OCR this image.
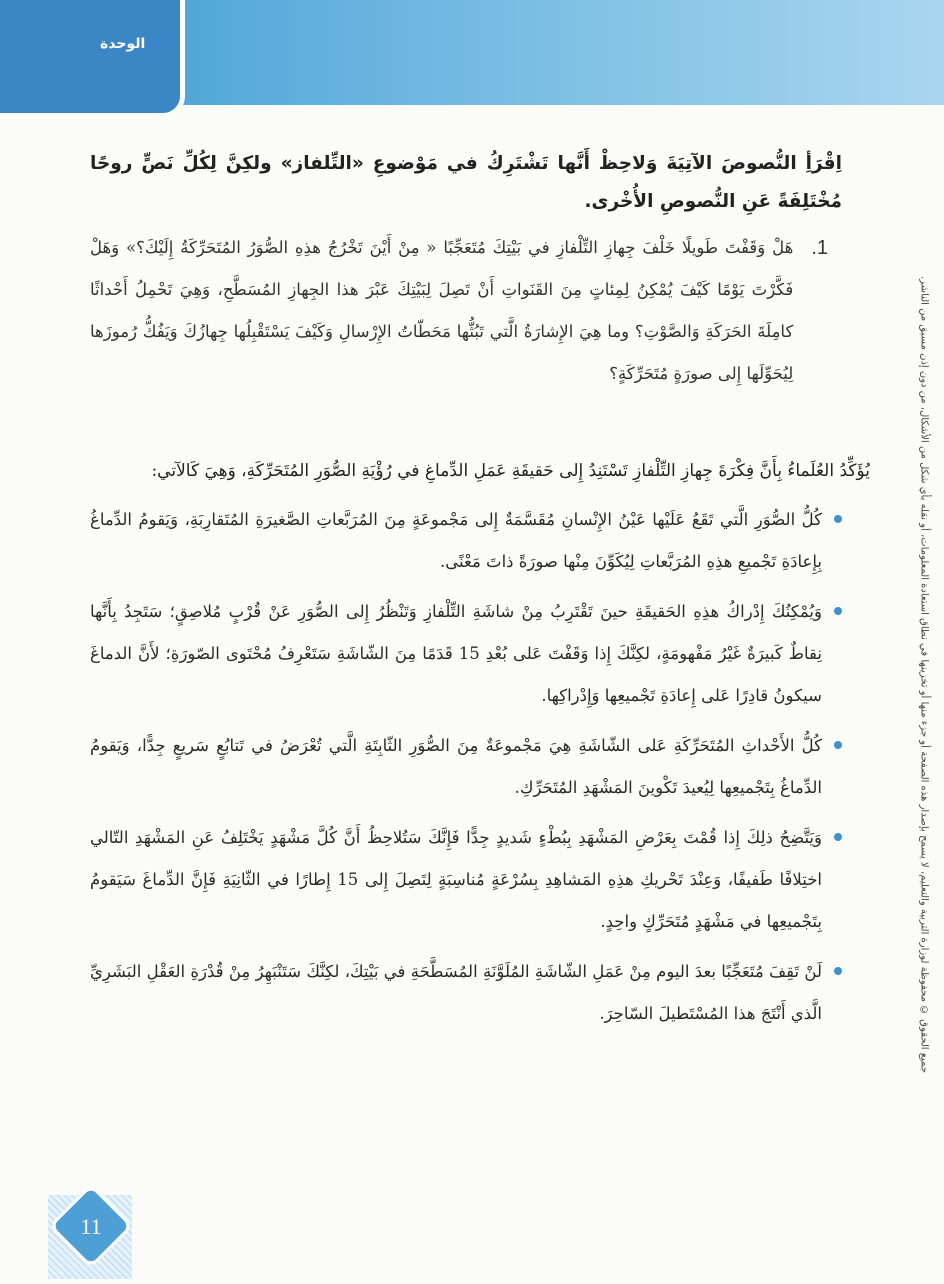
الوحدة
جميع الحقوق © محفوظة لوزارة التربية والتعليم، لا يسمح بإصدار هذه الصفحة أو جزء منها أو تخزينها في نطاق استعادة المعلومات، أو نقله بأي شكل من الأشكال، من دون إذن مسبق من الناشر.

اِقْرَأِ النُّصوصَ الآتِيَةَ وَلاحِظْ أَنَّها تَشْتَرِكُ في مَوْضوعِ «التِّلفاز» ولكِنَّ لِكُلِّ نَصٍّ روحًا مُخْتَلِفَةً عَنِ النُّصوصِ الأُخْرى.

1.

هَلْ وَقَفْتَ طَويلًا خَلْفَ جِهازِ التِّلْفازِ في بَيْتِكَ مُتَعَجِّبًا « مِنْ أَيْنَ تَخْرُجُ هذِهِ الصُّوَرُ المُتَحَرِّكَةُ إِلَيْكَ؟» وَهَلْ فَكَّرْتَ يَوْمًا كَيْفَ يُمْكِنُ لِمِئاتٍ مِنَ القَنَواتِ أَنْ تَصِلَ لِبَيْتِكَ عَبْرَ هذا الجِهازِ المُسَطَّحِ، وَهِيَ تَحْمِلُ أَحْداثًا كامِلَةَ الحَرَكَةِ وَالصَّوْتِ؟ وما هِيَ الإِشارَةُ الَّتي تَبُثُّها مَحَطّاتُ الإِرْسالِ وَكَيْفَ يَسْتَقْبِلُها جِهازُكَ وَيَفُكُّ رُموزَها لِيُحَوِّلَها إِلى صورَةٍ مُتَحَرِّكَةٍ؟

يُؤَكِّدُ العُلَماءُ بِأَنَّ فِكْرَةَ جِهازِ التِّلْفازِ تَسْتَنِدُ إِلى حَقيقَةِ عَمَلِ الدِّماغِ في رُؤْيَةِ الصُّوَرِ المُتَحَرِّكَةِ، وَهِيَ كَالآتي:

كُلُّ الصُّوَرِ الَّتي تَقَعُ عَلَيْها عَيْنُ الإِنْسانِ مُقَسَّمَةٌ إِلى مَجْموعَةٍ مِنَ المُرَبَّعاتِ الصَّغيرَةِ المُتَقارِبَةِ، وَيَقومُ الدِّماغُ بِإِعادَةِ تَجْميعِ هذِهِ المُرَبَّعاتِ لِيُكَوِّنَ مِنْها صورَةً ذاتَ مَعْنًى.
وَيُمْكِنُكَ إِدْراكُ هذِهِ الحَقيقَةِ حينَ تَقْتَرِبُ مِنْ شاشَةِ التِّلْفازِ وَتَنْظُرُ إِلى الصُّوَرِ عَنْ قُرْبٍ مُلاصِقٍ؛ سَتَجِدُ بِأَنَّها نِقاطٌ كَبيرَةٌ غَيْرُ مَفْهومَةٍ، لكِنَّكَ إِذا وَقَفْتَ عَلى بُعْدِ 15 قَدَمًا مِنَ الشّاشَةِ سَتَعْرِفُ مُحْتَوى الصّورَةِ؛ لأَنَّ الدماغَ سيكونُ قادِرًا عَلى إِعادَةِ تَجْميعِها وَإِدْراكِها.
كُلُّ الأَحْداثِ المُتَحَرِّكَةِ عَلى الشّاشَةِ هِيَ مَجْموعَةٌ مِنَ الصُّوَرِ الثّابِتَةِ الَّتي تُعْرَضُ في تَتابُعٍ سَريعٍ جِدًّا، وَيَقومُ الدِّماغُ بِتَجْميعِها لِيُعيدَ تَكْوينَ المَشْهَدِ المُتَحَرِّكِ.
وَيَتَّضِحُ ذلِكَ إِذا قُمْتَ بِعَرْضِ المَشْهَدِ بِبُطْءٍ شَديدٍ جِدًّا فَإِنَّكَ سَتُلاحِظُ أَنَّ كُلَّ مَشْهَدٍ يَخْتَلِفُ عَنِ المَشْهَدِ التّالي اختِلافًا طَفيفًا، وَعِنْدَ تَحْريكِ هذِهِ المَشاهِدِ بِسُرْعَةٍ مُناسِبَةٍ لِتَصِلَ إِلى 15 إِطارًا في الثّانِيَةِ فَإِنَّ الدِّماغَ سَيَقومُ بِتَجْميعِها في مَشْهَدٍ مُتَحَرِّكٍ واحِدٍ.
لَنْ تَقِفَ مُتَعَجِّبًا بعدَ اليوم مِنْ عَمَلِ الشّاشَةِ المُلَوَّنَةِ المُسَطَّحَةِ في بَيْتِكَ، لكِنَّكَ سَتَنْبَهِرُ مِنْ قُدْرَةِ العَقْلِ البَشَرِيِّ الَّذي أَنْتَجَ هذا المُسْتَطيلَ السّاحِرَ.
11
